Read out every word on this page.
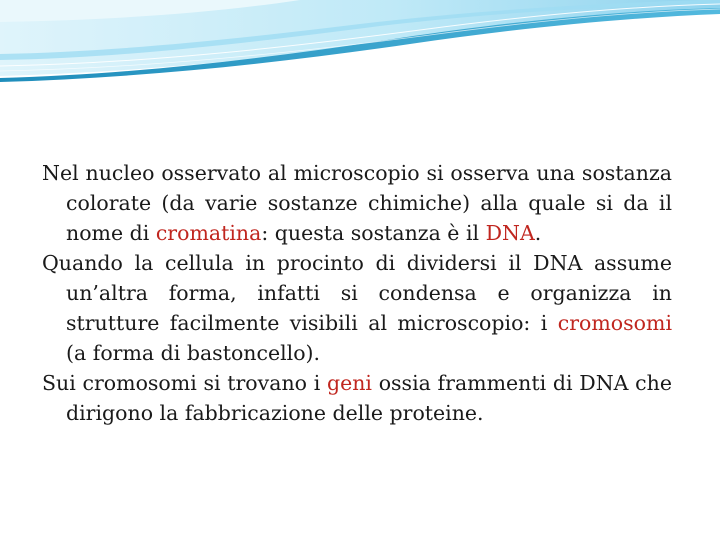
DNA e le sue forme

Nel nucleo osservato al microscopio si osserva una sostanza colorate (da varie sostanze chimiche) alla quale si da il nome di cromatina: questa sostanza è il DNA.

Quando la cellula in procinto di dividersi il DNA assume un’altra forma, infatti si condensa e organizza in strutture facilmente visibili al microscopio: i cromosomi (a forma di bastoncello).

Sui cromosomi si trovano i geni ossia frammenti di DNA che dirigono la fabbricazione delle proteine.
